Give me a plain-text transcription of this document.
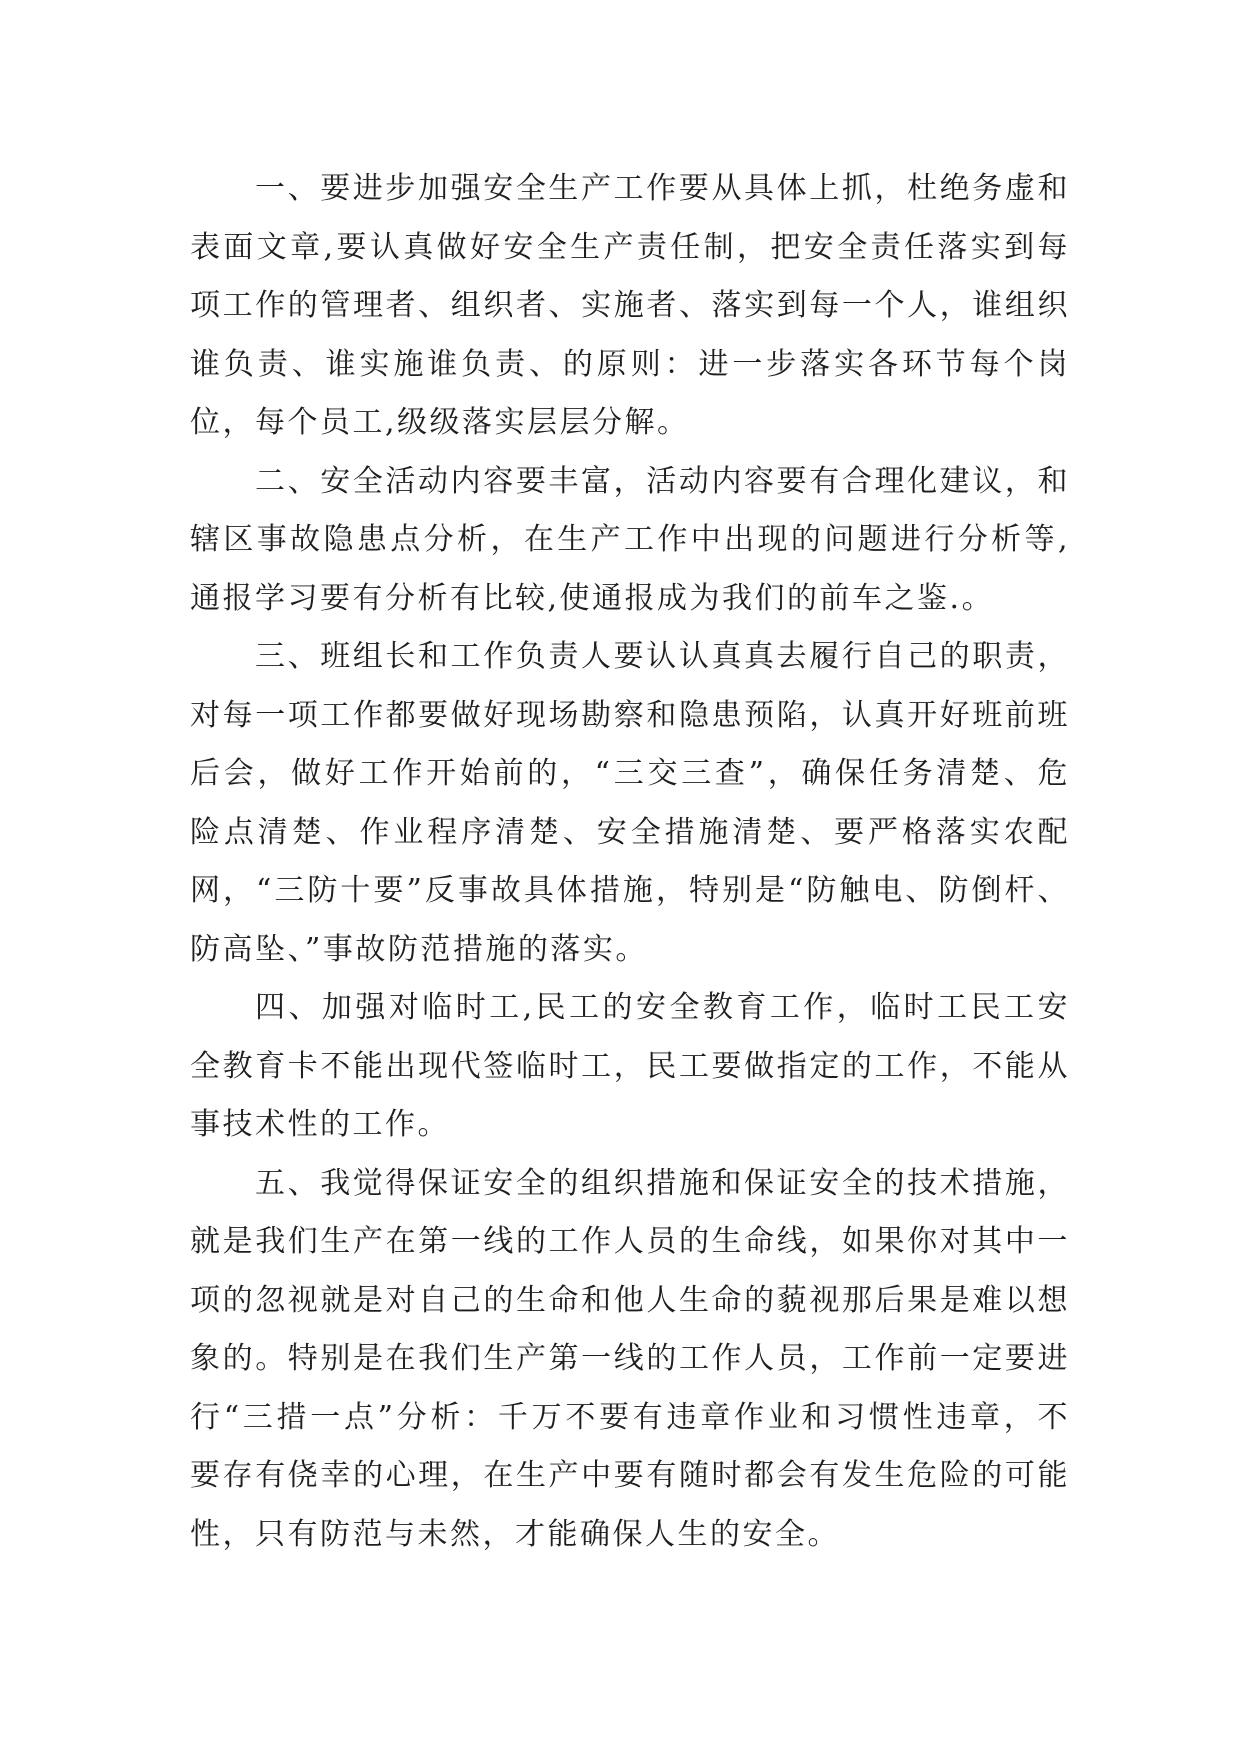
一、要进步加强安全生产工作要从具体上抓，杜绝务虚和表面文章,要认真做好安全生产责任制，把安全责任落实到每项工作的管理者、组织者、实施者、落实到每一个人，谁组织谁负责、谁实施谁负责、的原则：进一步落实各环节每个岗位，每个员工,级级落实层层分解。

二、安全活动内容要丰富，活动内容要有合理化建议，和辖区事故隐患点分析，在生产工作中出现的问题进行分析等,通报学习要有分析有比较,使通报成为我们的前车之鉴.。

三、班组长和工作负责人要认认真真去履行自己的职责，对每一项工作都要做好现场勘察和隐患预陷，认真开好班前班后会，做好工作开始前的，“三交三查”，确保任务清楚、危险点清楚、作业程序清楚、安全措施清楚、要严格落实农配网，“三防十要”反事故具体措施，特别是“防触电、防倒杆、防高坠、”事故防范措施的落实。

四、加强对临时工,民工的安全教育工作，临时工民工安全教育卡不能出现代签临时工，民工要做指定的工作，不能从事技术性的工作。

五、我觉得保证安全的组织措施和保证安全的技术措施，就是我们生产在第一线的工作人员的生命线，如果你对其中一项的忽视就是对自己的生命和他人生命的藐视那后果是难以想象的。特别是在我们生产第一线的工作人员，工作前一定要进行“三措一点”分析：千万不要有违章作业和习惯性违章，不要存有侥幸的心理，在生产中要有随时都会有发生危险的可能性，只有防范与未然，才能确保人生的安全。
